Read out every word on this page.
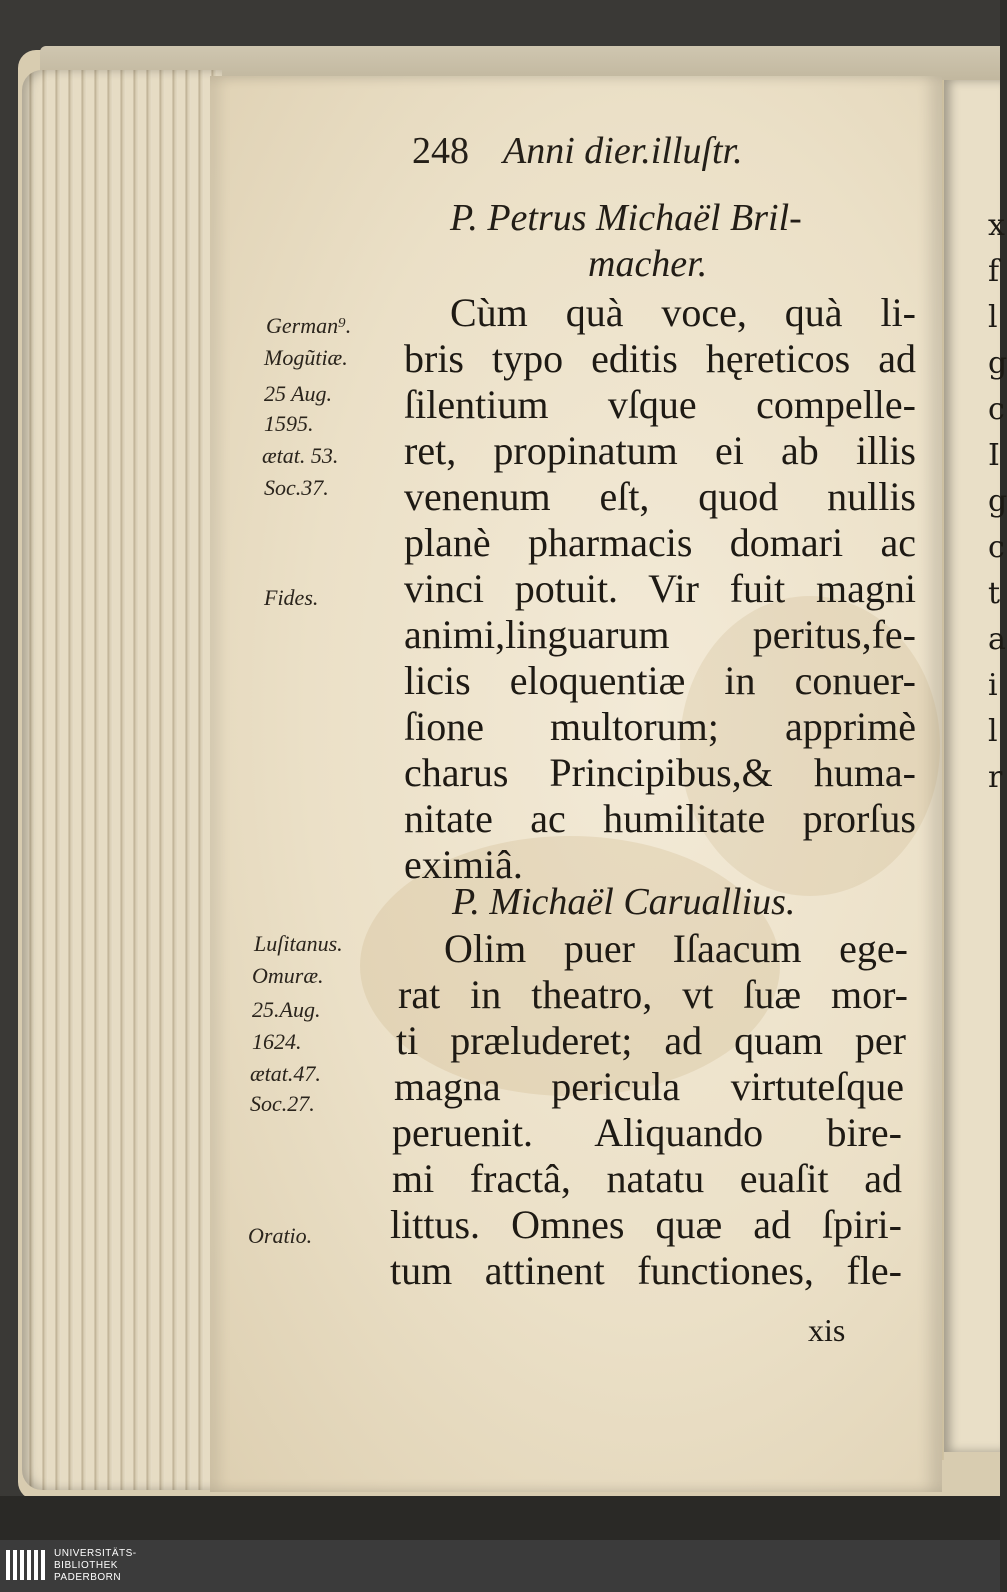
248 Anni dier.illuſtr.
P. Petrus Michaël Bril-
macher.
Cùm quà voce, quà li-
bris typo editis hęreticos ad
ſilentium vſque compelle-
ret, propinatum ei ab illis
venenum eſt, quod nullis
planè pharmacis domari ac
vinci potuit. Vir fuit magni
animi,linguarum peritus,fe-
licis eloquentiæ in conuer-
ſione multorum; apprimè
charus Principibus,& huma-
nitate ac humilitate prorſus
eximiâ.
German⁹.
Mogũtiæ.
25 Aug.
1595.
ætat. 53.
Soc.37.
Fides.
P. Michaël Caruallius.
Olim puer Iſaacum ege-
rat in theatro, vt ſuæ mor-
ti præluderet; ad quam per
magna pericula virtuteſque
peruenit. Aliquando bire-
mi fractâ, natatu euaſit ad
littus. Omnes quæ ad ſpiri-
tum attinent functiones, fle-
Luſitanus.
Omuræ.
25.Aug.
1624.
ætat.47.
Soc.27.
Oratio.
xis
x
f
l
g
c
I
g
c
t
a
i
l
r
UNIVERSITÄTS-
BIBLIOTHEK
PADERBORN
